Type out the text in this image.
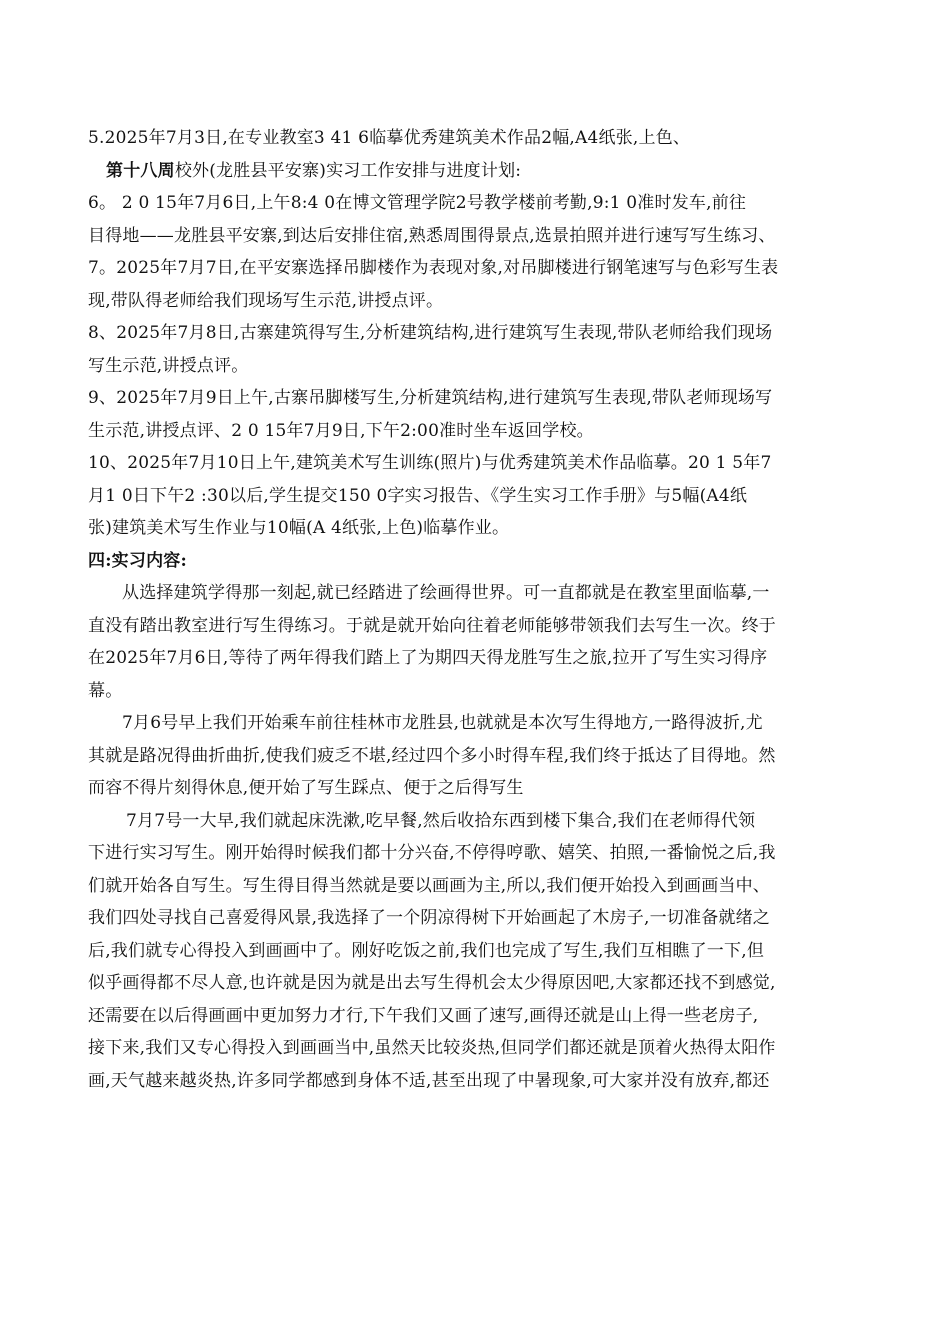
5.2025年7月3日,在专业教室3 41 6临摹优秀建筑美术作品2幅,A4纸张,上色、
第十八周校外(龙胜县平安寨)实习工作安排与进度计划:
6。 2 0 15年7月6日,上午8:4 0在博文管理学院2号教学楼前考勤,9:1 0准时发车,前往
目得地——龙胜县平安寨,到达后安排住宿,熟悉周围得景点,选景拍照并进行速写写生练习、
7。2025年7月7日,在平安寨选择吊脚楼作为表现对象,对吊脚楼进行钢笔速写与色彩写生表
现,带队得老师给我们现场写生示范,讲授点评。
8、2025年7月8日,古寨建筑得写生,分析建筑结构,进行建筑写生表现,带队老师给我们现场
写生示范,讲授点评。
9、2025年7月9日上午,古寨吊脚楼写生,分析建筑结构,进行建筑写生表现,带队老师现场写
生示范,讲授点评、2 0 15年7月9日,下午2:00准时坐车返回学校。
10、2025年7月10日上午,建筑美术写生训练(照片)与优秀建筑美术作品临摹。20 1 5年7
月1 0日下午2 :30以后,学生提交150 0字实习报告、《学生实习工作手册》与5幅(A4纸
张)建筑美术写生作业与10幅(A 4纸张,上色)临摹作业。
四:实习内容:
从选择建筑学得那一刻起,就已经踏进了绘画得世界。可一直都就是在教室里面临摹,一
直没有踏出教室进行写生得练习。于就是就开始向往着老师能够带领我们去写生一次。终于
在2025年7月6日,等待了两年得我们踏上了为期四天得龙胜写生之旅,拉开了写生实习得序
幕。
7月6号早上我们开始乘车前往桂林市龙胜县,也就就是本次写生得地方,一路得波折,尤
其就是路况得曲折曲折,使我们疲乏不堪,经过四个多小时得车程,我们终于抵达了目得地。然
而容不得片刻得休息,便开始了写生踩点、便于之后得写生
7月7号一大早,我们就起床洗漱,吃早餐,然后收拾东西到楼下集合,我们在老师得代领
下进行实习写生。刚开始得时候我们都十分兴奋,不停得哼歌、嬉笑、拍照,一番愉悦之后,我
们就开始各自写生。写生得目得当然就是要以画画为主,所以,我们便开始投入到画画当中、
我们四处寻找自己喜爱得风景,我选择了一个阴凉得树下开始画起了木房子,一切准备就绪之
后,我们就专心得投入到画画中了。刚好吃饭之前,我们也完成了写生,我们互相瞧了一下,但
似乎画得都不尽人意,也许就是因为就是出去写生得机会太少得原因吧,大家都还找不到感觉,
还需要在以后得画画中更加努力才行,下午我们又画了速写,画得还就是山上得一些老房子,
接下来,我们又专心得投入到画画当中,虽然天比较炎热,但同学们都还就是顶着火热得太阳作
画,天气越来越炎热,许多同学都感到身体不适,甚至出现了中暑现象,可大家并没有放弃,都还
